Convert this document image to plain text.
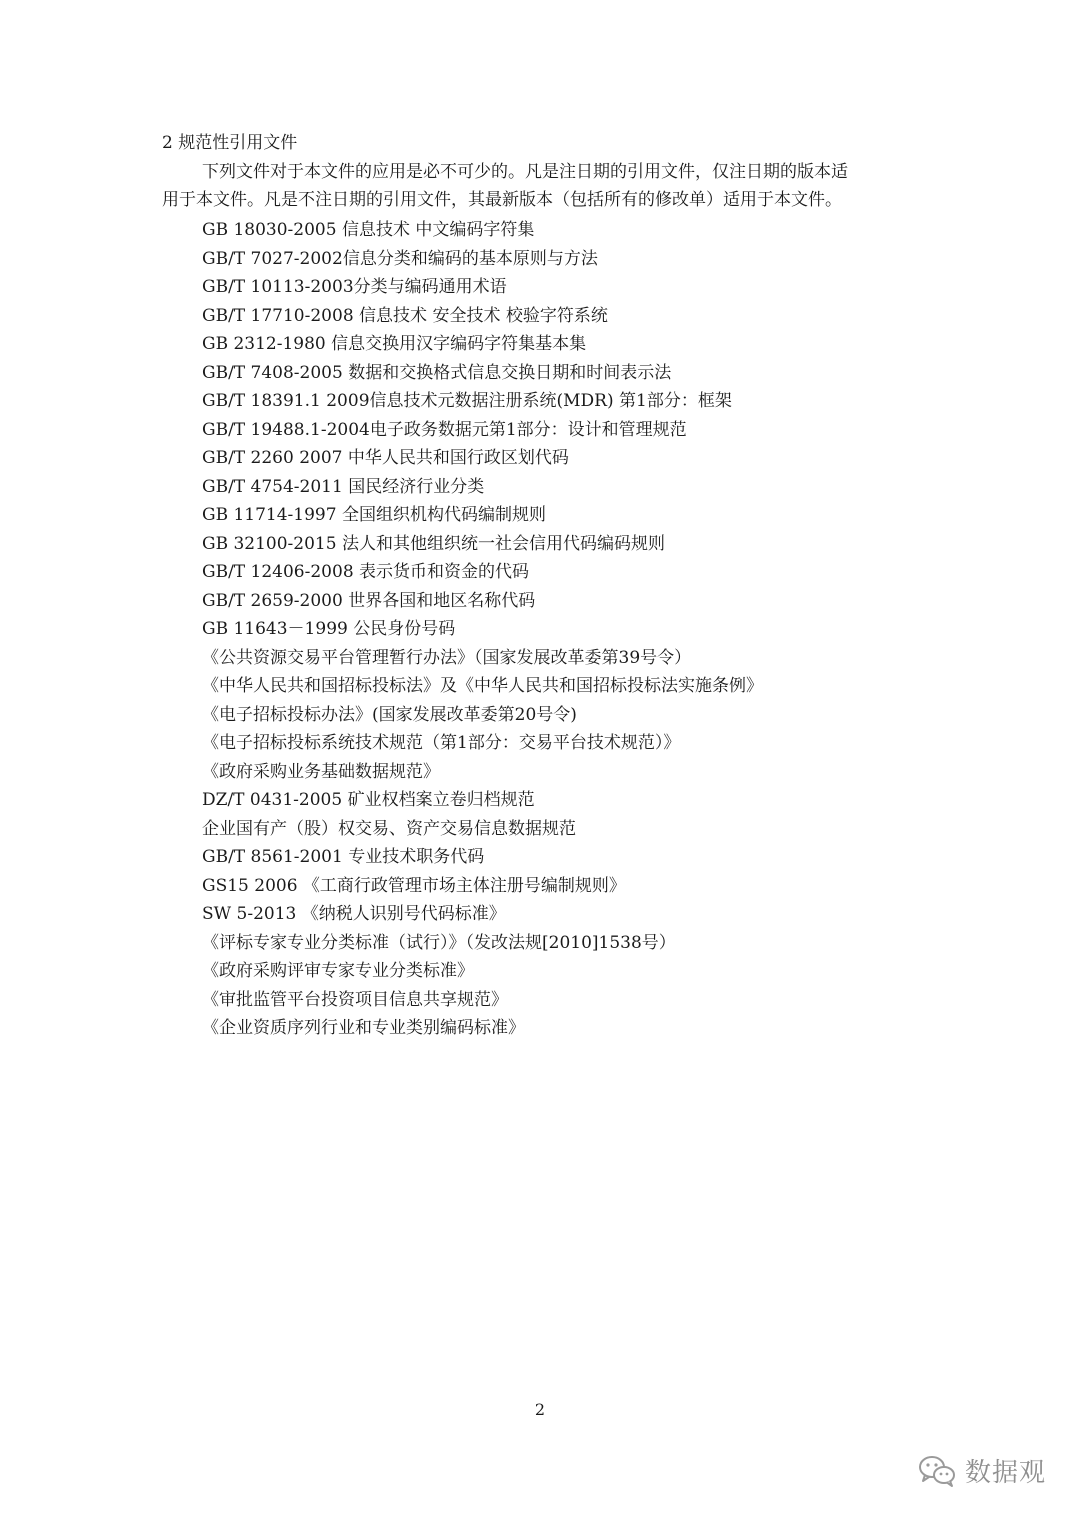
2 规范性引用文件
下列文件对于本文件的应用是必不可少的。凡是注日期的引用文件，仅注日期的版本适
用于本文件。凡是不注日期的引用文件，其最新版本（包括所有的修改单）适用于本文件。
GB 18030-2005 信息技术 中文编码字符集
GB/T 7027-2002信息分类和编码的基本原则与方法
GB/T 10113-2003分类与编码通用术语
GB/T 17710-2008 信息技术 安全技术 校验字符系统
GB 2312-1980 信息交换用汉字编码字符集基本集
GB/T 7408-2005 数据和交换格式信息交换日期和时间表示法
GB/T 18391.1 2009信息技术元数据注册系统(MDR) 第1部分：框架
GB/T 19488.1-2004电子政务数据元第1部分：设计和管理规范
GB/T 2260 2007 中华人民共和国行政区划代码
GB/T 4754-2011 国民经济行业分类
GB 11714-1997 全国组织机构代码编制规则
GB 32100-2015 法人和其他组织统一社会信用代码编码规则
GB/T 12406-2008 表示货币和资金的代码
GB/T 2659-2000 世界各国和地区名称代码
GB 11643－1999 公民身份号码
《公共资源交易平台管理暂行办法》（国家发展改革委第39号令）
《中华人民共和国招标投标法》及《中华人民共和国招标投标法实施条例》
《电子招标投标办法》(国家发展改革委第20号令)
《电子招标投标系统技术规范（第1部分：交易平台技术规范）》
《政府采购业务基础数据规范》
DZ/T 0431-2005 矿业权档案立卷归档规范
企业国有产（股）权交易、资产交易信息数据规范
GB/T 8561-2001 专业技术职务代码
GS15 2006 《工商行政管理市场主体注册号编制规则》
SW 5-2013 《纳税人识别号代码标准》
《评标专家专业分类标准（试行）》（发改法规[2010]1538号）
《政府采购评审专家专业分类标准》
《审批监管平台投资项目信息共享规范》
《企业资质序列行业和专业类别编码标准》
2
数据观
